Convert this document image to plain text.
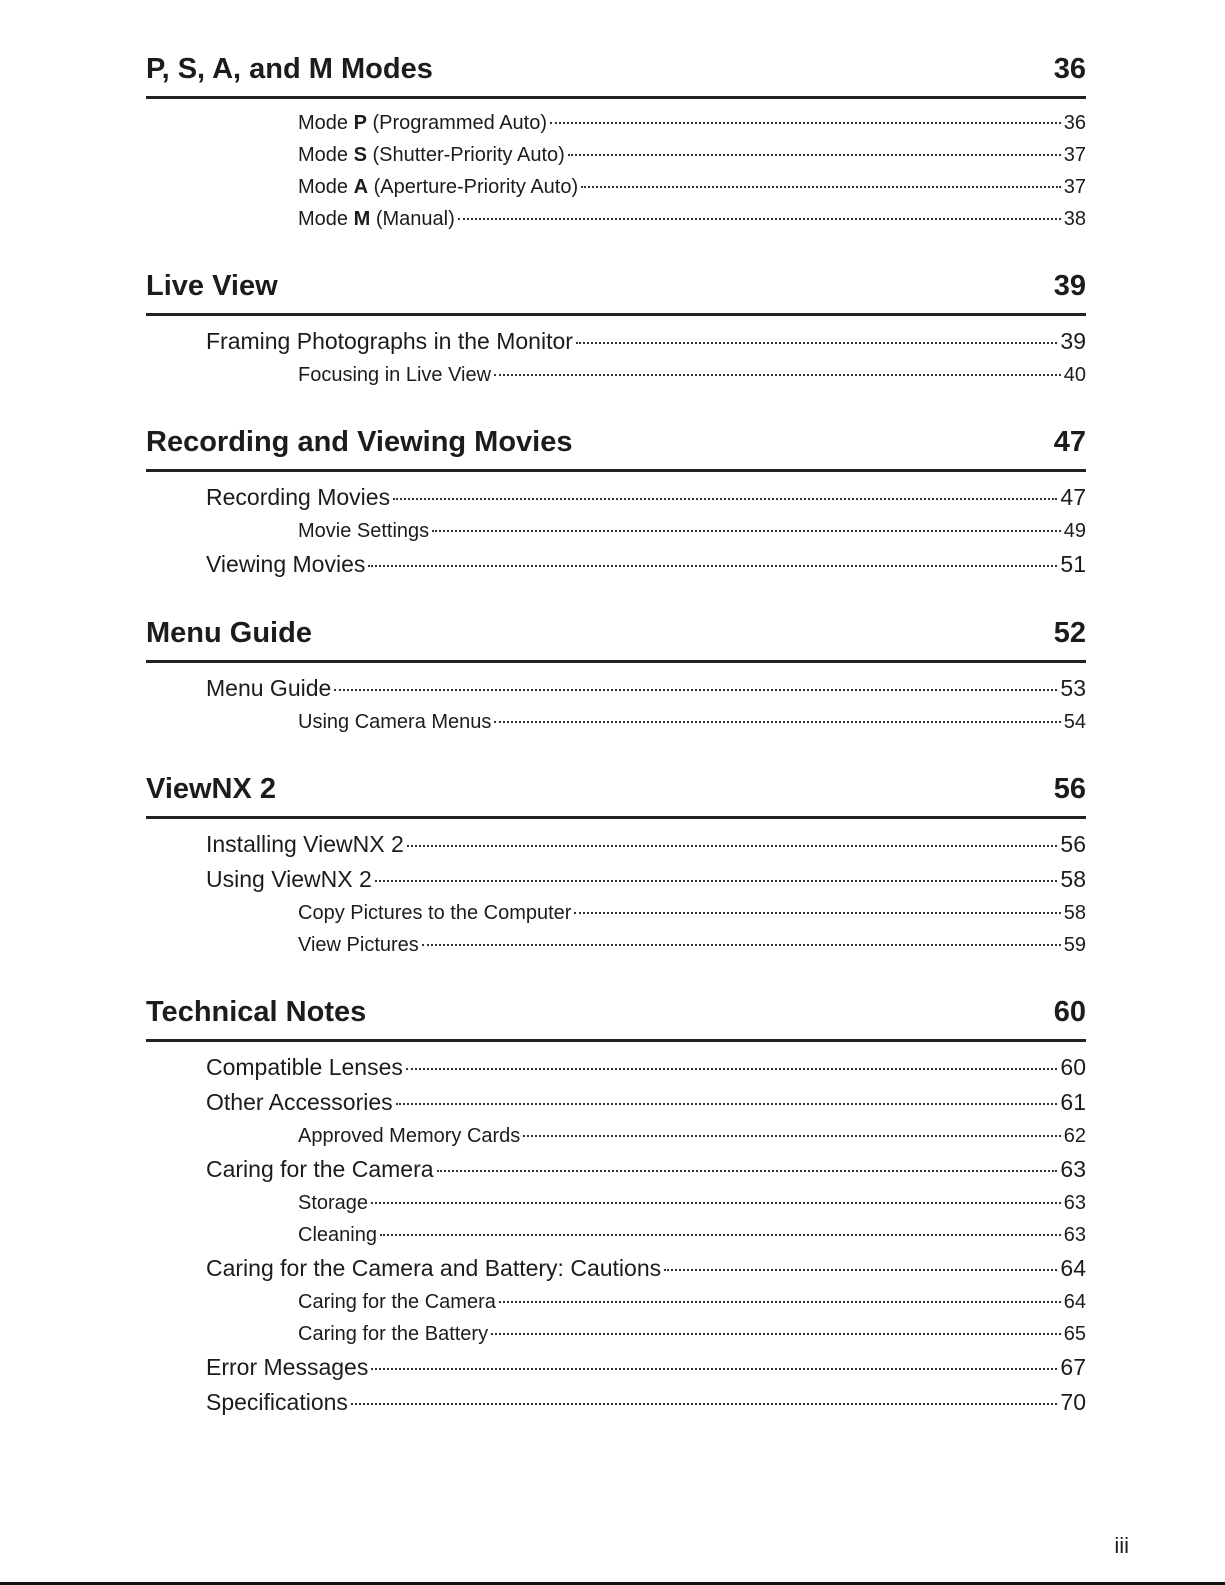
P, S, A, and M Modes	36
Mode P (Programmed Auto)	36
Mode S (Shutter-Priority Auto)	37
Mode A (Aperture-Priority Auto)	37
Mode M (Manual)	38
Live View	39
Framing Photographs in the Monitor	39
Focusing in Live View	40
Recording and Viewing Movies	47
Recording Movies	47
Movie Settings	49
Viewing Movies	51
Menu Guide	52
Menu Guide	53
Using Camera Menus	54
ViewNX 2	56
Installing ViewNX 2	56
Using ViewNX 2	58
Copy Pictures to the Computer	58
View Pictures	59
Technical Notes	60
Compatible Lenses	60
Other Accessories	61
Approved Memory Cards	62
Caring for the Camera	63
Storage	63
Cleaning	63
Caring for the Camera and Battery: Cautions	64
Caring for the Camera	64
Caring for the Battery	65
Error Messages	67
Specifications	70
iii
